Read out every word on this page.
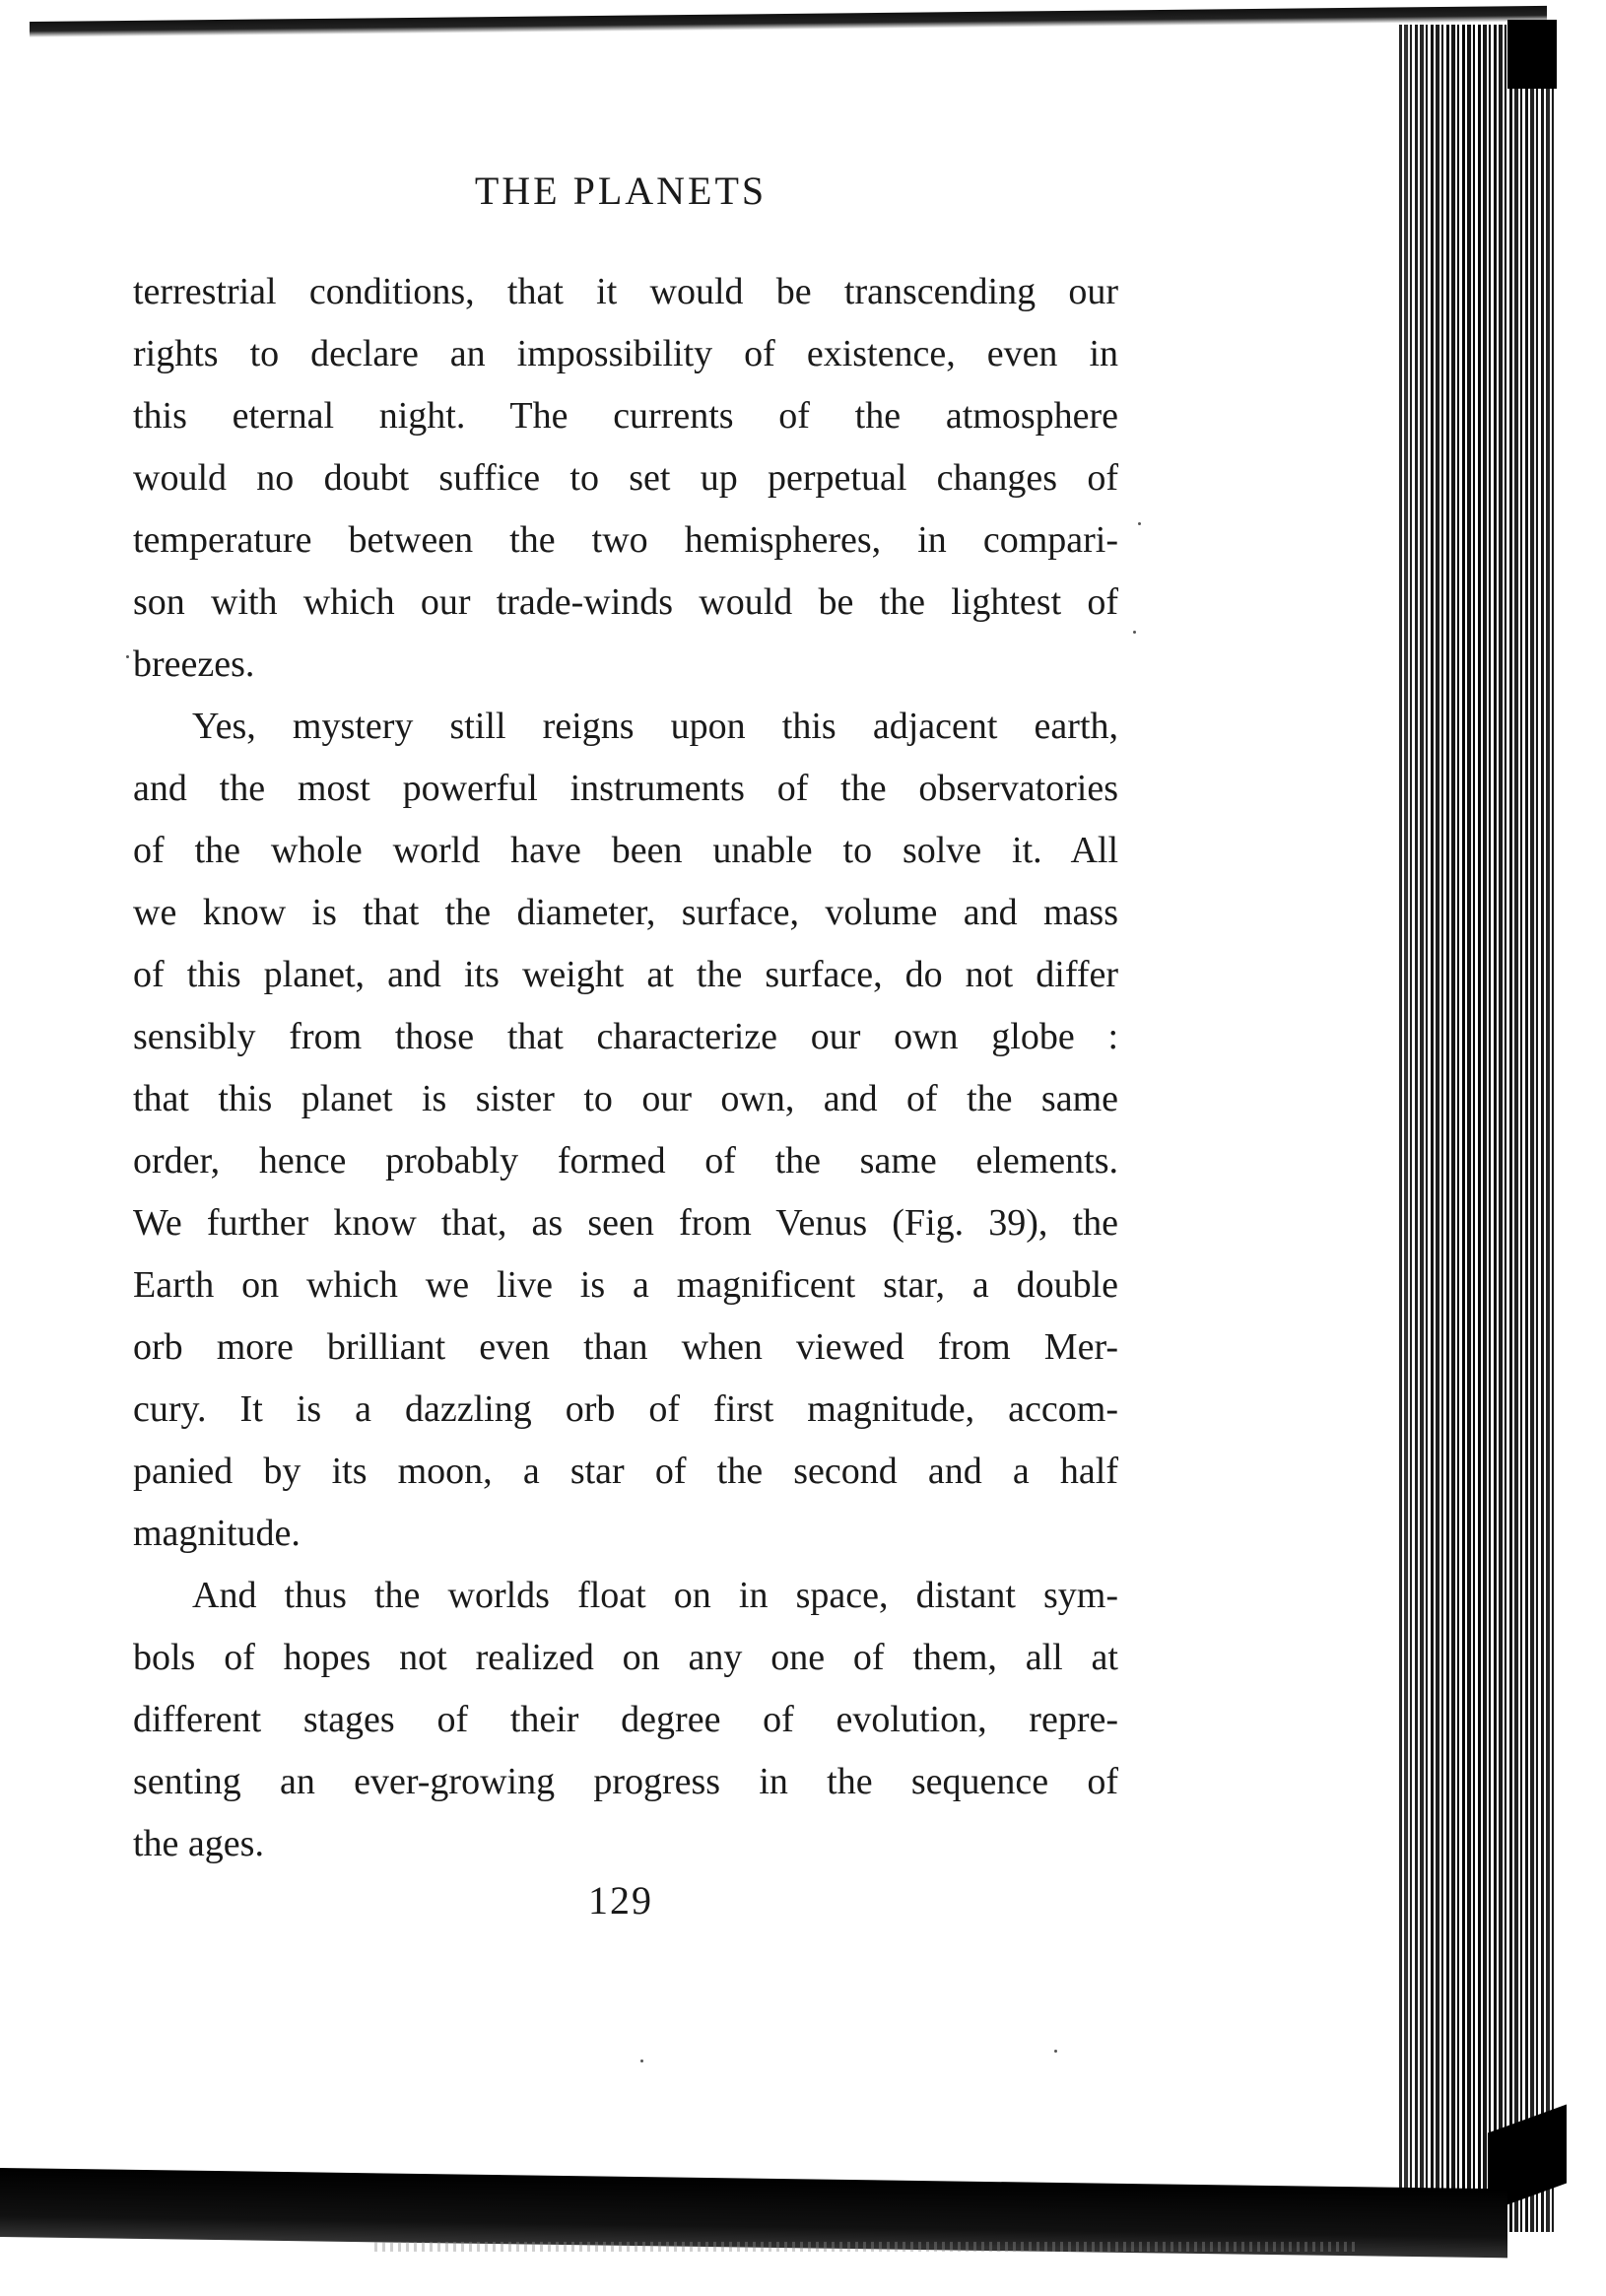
THE PLANETS
terrestrial conditions, that it would be transcending our
rights to declare an impossibility of existence, even in
this eternal night. The currents of the atmosphere
would no doubt suffice to set up perpetual changes of
temperature between the two hemispheres, in compari-
son with which our trade-winds would be the lightest of
breezes.
Yes, mystery still reigns upon this adjacent earth,
and the most powerful instruments of the observatories
of the whole world have been unable to solve it. All
we know is that the diameter, surface, volume and mass
of this planet, and its weight at the surface, do not differ
sensibly from those that characterize our own globe :
that this planet is sister to our own, and of the same
order, hence probably formed of the same elements.
We further know that, as seen from Venus (Fig. 39), the
Earth on which we live is a magnificent star, a double
orb more brilliant even than when viewed from Mer-
cury. It is a dazzling orb of first magnitude, accom-
panied by its moon, a star of the second and a half
magnitude.
And thus the worlds float on in space, distant sym-
bols of hopes not realized on any one of them, all at
different stages of their degree of evolution, repre-
senting an ever-growing progress in the sequence of
the ages.
129
